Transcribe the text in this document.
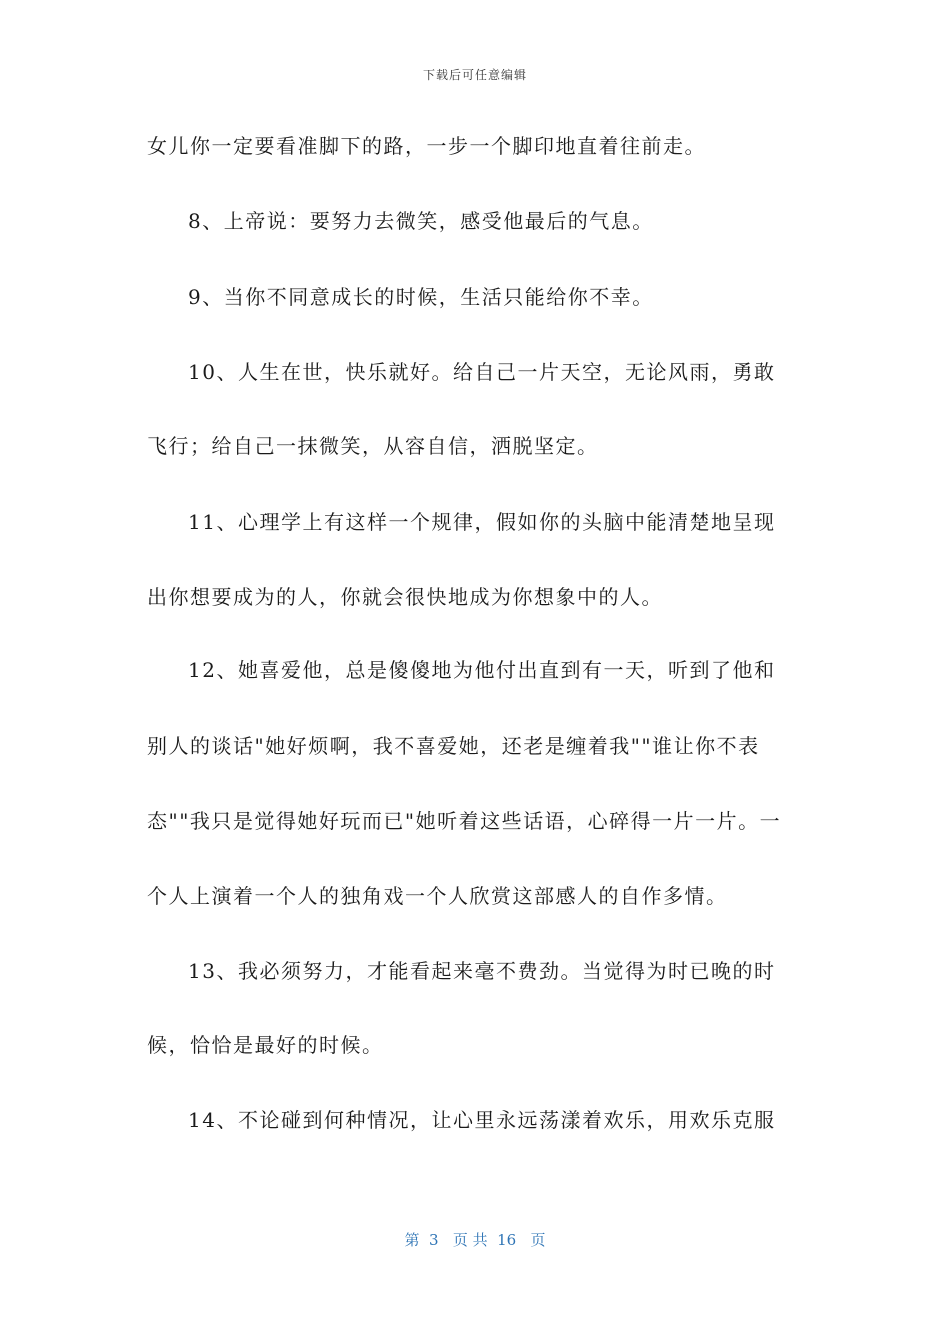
下载后可任意编辑
女儿你一定要看准脚下的路，一步一个脚印地直着往前走。
8、上帝说：要努力去微笑，感受他最后的气息。
9、当你不同意成长的时候，生活只能给你不幸。
10、人生在世，快乐就好。给自己一片天空，无论风雨，勇敢
飞行；给自己一抹微笑，从容自信，洒脱坚定。
11、心理学上有这样一个规律，假如你的头脑中能清楚地呈现
出你想要成为的人，你就会很快地成为你想象中的人。
12、她喜爱他，总是傻傻地为他付出直到有一天，听到了他和
别人的谈话"她好烦啊，我不喜爱她，还老是缠着我""谁让你不表
态""我只是觉得她好玩而已"她听着这些话语，心碎得一片一片。一
个人上演着一个人的独角戏一个人欣赏这部感人的自作多情。
13、我必须努力，才能看起来毫不费劲。当觉得为时已晚的时
候，恰恰是最好的时候。
14、不论碰到何种情况，让心里永远荡漾着欢乐，用欢乐克服
第  3   页 共  16   页
